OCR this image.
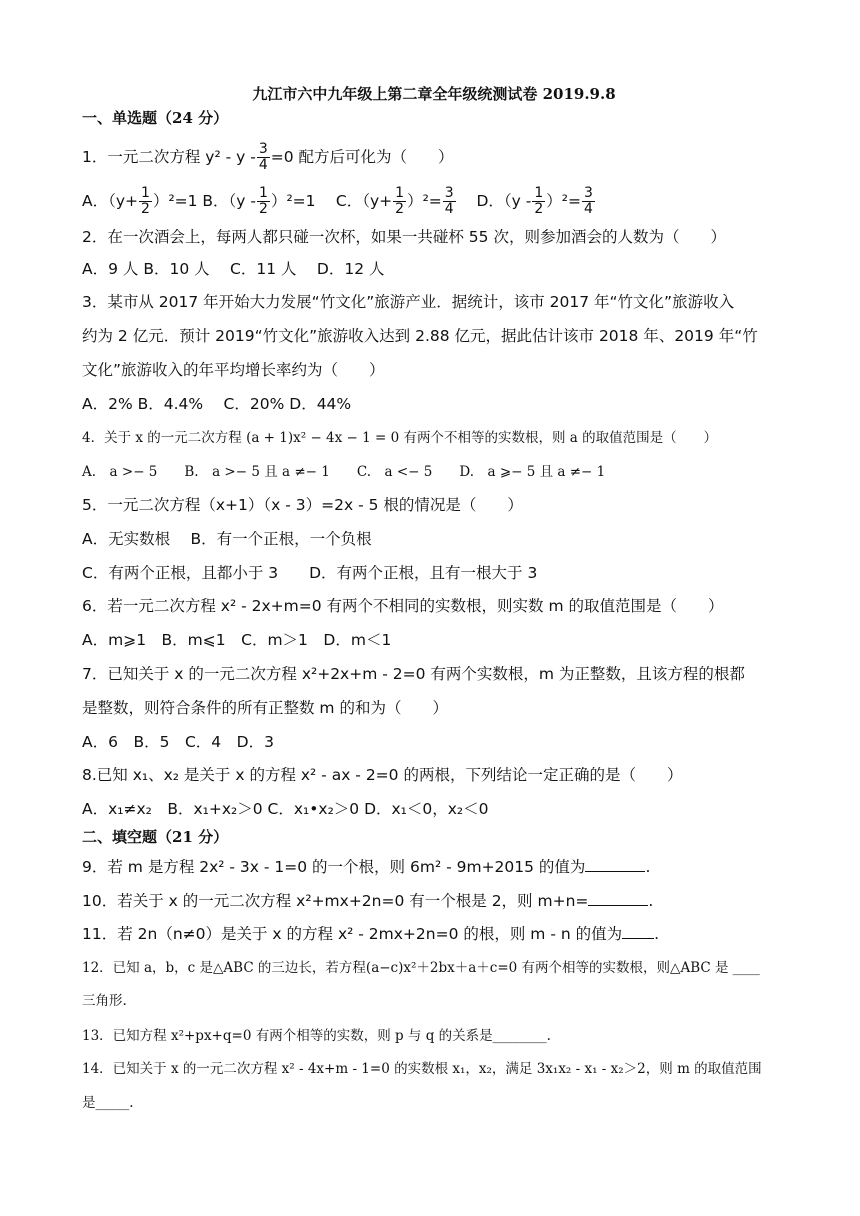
九江市六中九年级上第二章全年级统测试卷 2019.9.8
一、单选题（24 分）
1．一元二次方程 $y^2 - y - \frac{3}{4} =0$ 配方后可化为（　　）
A．$(y+ \frac{1}{2} )^2=1$ B．$(y - \frac{1}{2} )^2=1$　 C．$(y+ \frac{1}{2} )^2= \frac{3}{4}$ D．$(y - \frac{1}{2} )^2= \frac{3}{4}$
2．在一次酒会上，每两人都只碰一次杯，如果一共碰杯 55 次，则参加酒会的人数为（　　）
A．9 人 B．10 人　 C．11 人　 D．12 人
3．某市从 2017 年开始大力发展“竹文化”旅游产业．据统计，该市 2017 年“竹文化”旅游收入
约为 2 亿元．预计 2019“竹文化”旅游收入达到 2.88 亿元，据此估计该市 2018 年、2019 年“竹
文化”旅游收入的年平均增长率约为（　　）
A．2% B．4.4%　 C．20% D．44%
4．关于 x 的一元二次方程 (a + 1)x² − 4x − 1 = 0 有两个不相等的实数根，则 a 的取值范围是（　　）
A.　a >− 5　　B.　a >− 5 且 a ≠− 1　　C.　a <− 5　　D.　a ⩾− 5 且 a ≠− 1
5．一元二次方程（x+1）（x - 3）=2x - 5 根的情况是（　　）
A．无实数根　 B．有一个正根，一个负根
C．有两个正根，且都小于 3　　D．有两个正根，且有一根大于 3
6．若一元二次方程 x² - 2x+m=0 有两个不相同的实数根，则实数 m 的取值范围是（　　）
A．m⩾1　B．m⩽1　C．m＞1　D．m＜1
7．已知关于 x 的一元二次方程 x²+2x+m - 2=0 有两个实数根，m 为正整数，且该方程的根都
是整数，则符合条件的所有正整数 m 的和为（　　）
A．6　B．5　C．4　D．3
8.已知 x₁、x₂ 是关于 x 的方程 x² - ax - 2=0 的两根，下列结论一定正确的是（　　）
A．x₁≠x₂　B．x₁+x₂＞0 C．x₁•x₂＞0 D．x₁＜0，x₂＜0
二、填空题（21 分）
9．若 m 是方程 2x² - 3x - 1=0 的一个根，则 6m² - 9m+2015 的值为	.
10．若关于 x 的一元二次方程 x²+mx+2n=0 有一个根是 2，则 m+n=	.
11．若 2n（n≠0）是关于 x 的方程 x² - 2mx+2n=0 的根，则 m - n 的值为 .
12．已知 a，b，c 是△ABC 的三边长，若方程(a−c)x²＋2bx＋a＋c=0 有两个相等的实数根，则△ABC 是 ____
三角形.
13．已知方程 x²+px+q=0 有两个相等的实数，则 p 与 q 的关系是________.
14．已知关于 x 的一元二次方程 x² - 4x+m - 1=0 的实数根 x₁，x₂，满足 3x₁x₂ - x₁ - x₂＞2，则 m 的取值范围
是_____.
